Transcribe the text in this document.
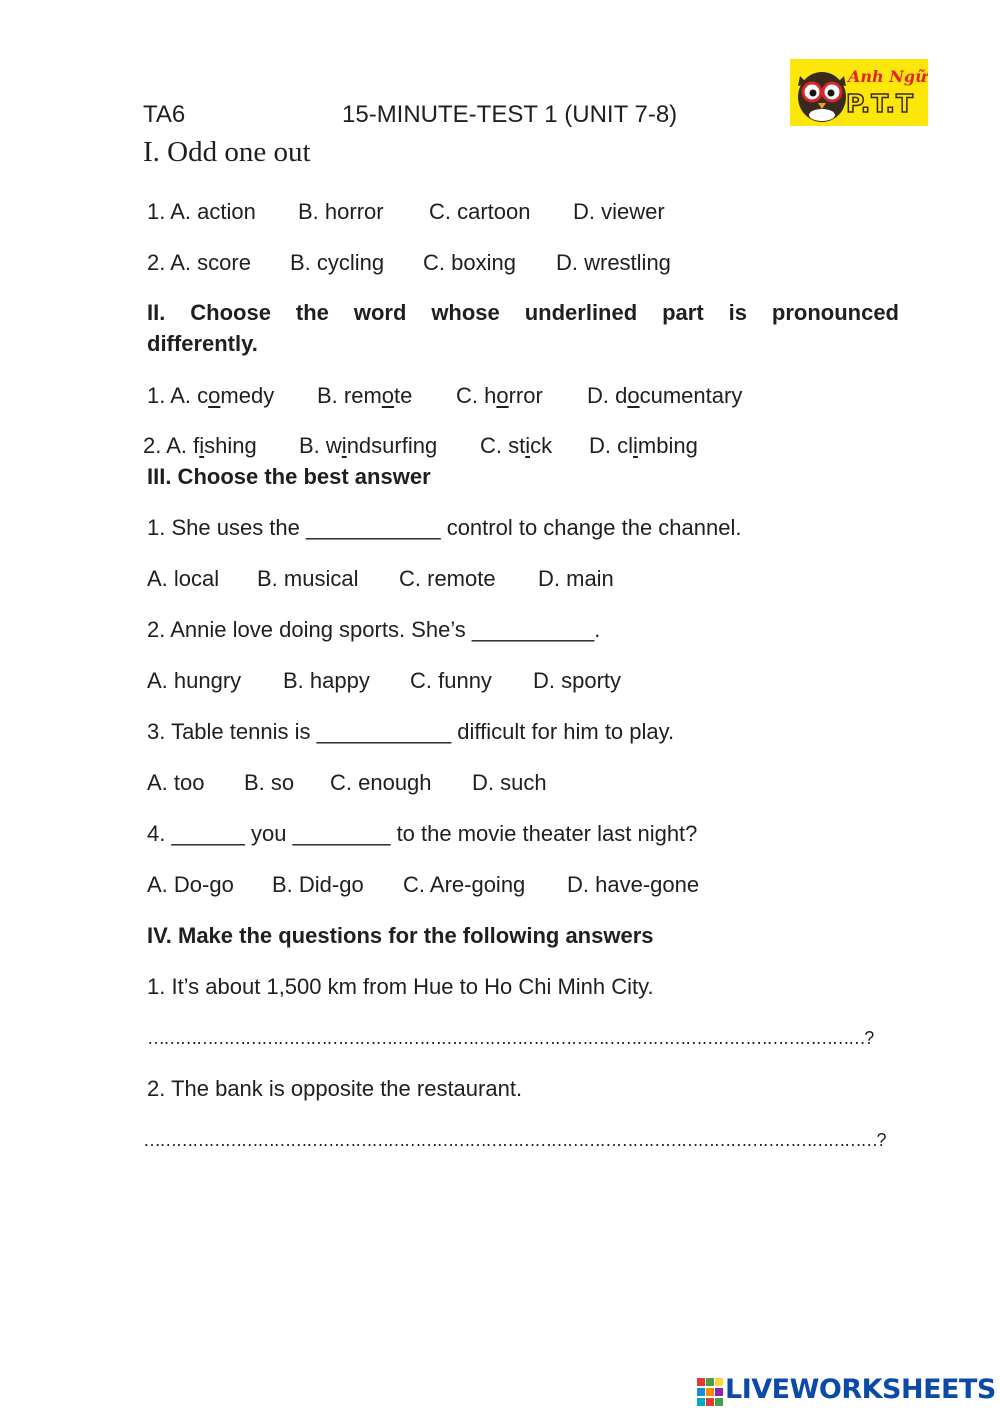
TA6	15-MINUTE-TEST 1 (UNIT 7-8)
Anh Ngữ
P.T.T
I. Odd one out
1. A. action B. horror C. cartoon D. viewer
2. A. score B. cycling C. boxing D. wrestling
II. Choose the word whose underlined part is pronounced
differently.
1. A. comedy B. remote C. horror D. documentary
2. A. fishing B. windsurfing C. stick D. climbing
III. Choose the best answer
1. She uses the ___________ control to change the channel.
A. local B. musical C. remote D. main
2. Annie love doing sports. She’s __________.
A. hungry B. happy C. funny D. sporty
3. Table tennis is ___________ difficult for him to play.
A. too B. so C. enough D. such
4. ______ you ________ to the movie theater last night?
A. Do-go B. Did-go C. Are-going D. have-gone
IV. Make the questions for the following answers
1. It’s about 1,500 km from Hue to Ho Chi Minh City.
……………………………………………………………………………………………………………………?
2. The bank is opposite the restaurant.
………………………………………………………………………………………………………………………?
LIVEWORKSHEETS
